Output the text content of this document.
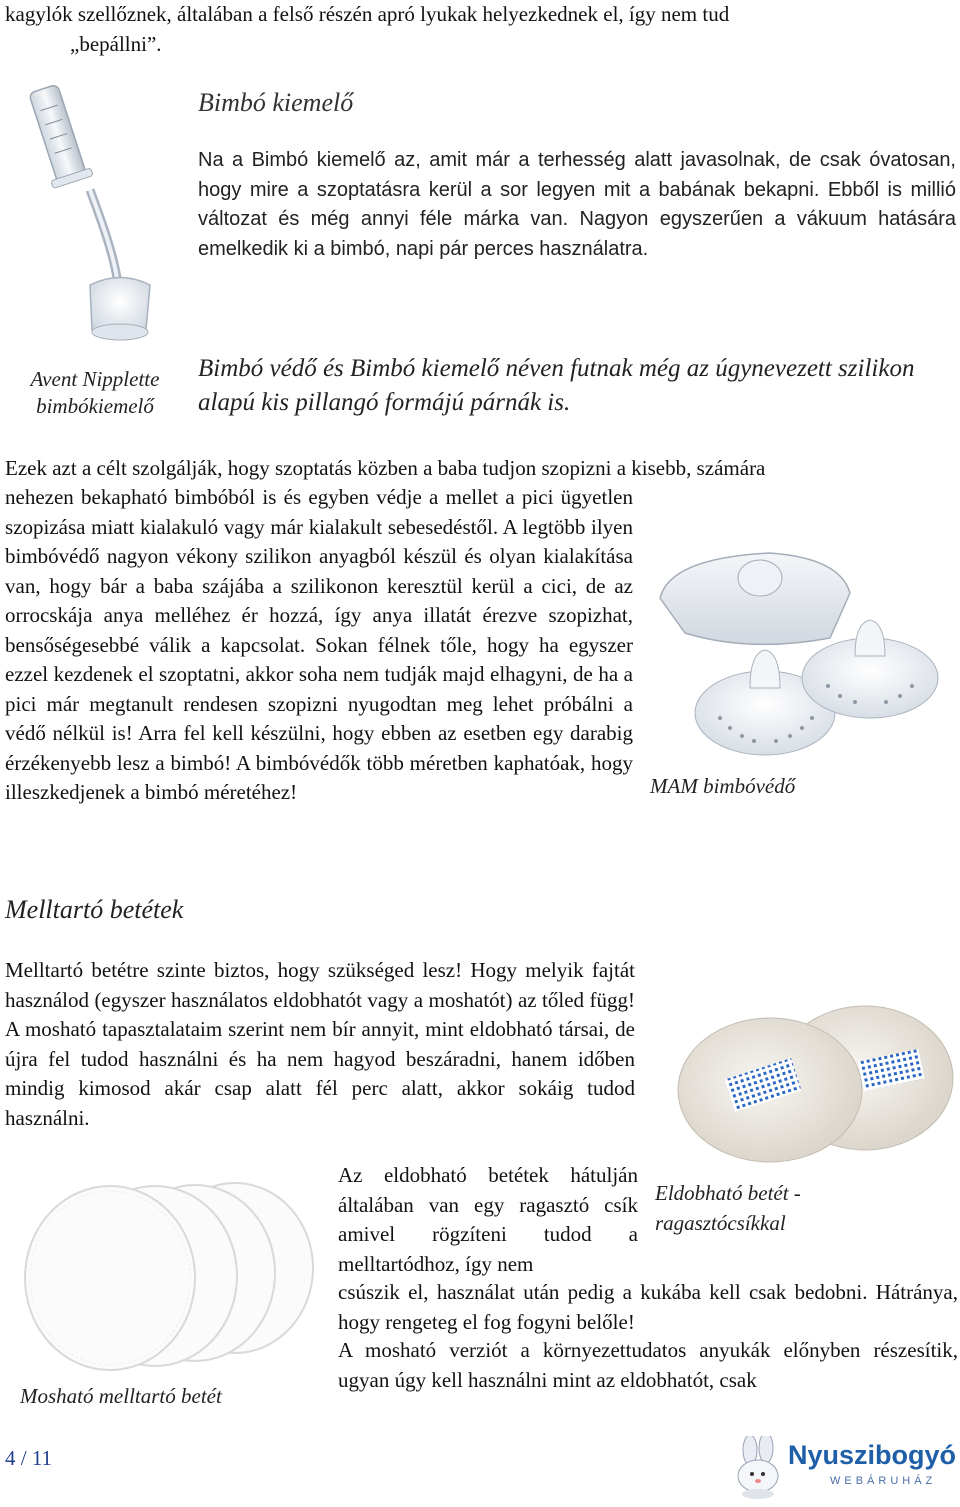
kagylók szellőznek, általában a felső részén apró lyukak helyezkednek el, így nem tud
„bepállni”.
Bimbó kiemelő
Na a Bimbó kiemelő az, amit már a terhesség alatt javasolnak, de csak óvatosan, hogy mire a szoptatásra kerül a sor legyen mit a babának bekapni. Ebből is millió változat és még annyi féle márka van. Nagyon egyszerűen a vákuum hatására emelkedik ki a bimbó, napi pár perces használatra.
Avent Nipplette
bimbókiemelő
Bimbó védő és Bimbó kiemelő néven futnak még az úgynevezett szilikon alapú kis pillangó formájú párnák is.
Ezek azt a célt szolgálják, hogy szoptatás közben a baba tudjon szopizni a kisebb, számára
nehezen bekapható bimbóból is és egyben védje a mellet a pici ügyetlen szopizása miatt kialakuló vagy már kialakult sebesedéstől. A legtöbb ilyen bimbóvédő nagyon vékony szilikon anyagból készül és olyan kialakítása van, hogy bár a baba szájába a szilikonon keresztül kerül a cici, de az orrocskája anya melléhez ér hozzá, így anya illatát érezve szopizhat, bensőségesebbé válik a kapcsolat. Sokan félnek tőle, hogy ha egyszer ezzel kezdenek el szoptatni, akkor soha nem tudják majd elhagyni, de ha a pici már megtanult rendesen szopizni nyugodtan meg lehet próbálni a védő nélkül is! Arra fel kell készülni, hogy ebben az esetben egy darabig érzékenyebb lesz a bimbó! A bimbóvédők több méretben kaphatóak, hogy illeszkedjenek a bimbó méretéhez!	MAM bimbóvédő
Melltartó betétek
Melltartó betétre szinte biztos, hogy szükséged lesz! Hogy melyik fajtát használod (egyszer használatos eldobhatót vagy a moshatót) az tőled függ! A mosható tapasztalataim szerint nem bír annyit, mint eldobható társai, de újra fel tudod használni és ha nem hagyod beszáradni, hanem időben mindig kimosod akár csap alatt fél perc alatt, akkor sokáig tudod használni.
Eldobható betét -
ragasztócsíkkal
Az eldobható betétek hátulján általában van egy ragasztó csík amivel rögzíteni tudod a melltartódhoz, így nem
csúszik el, használat után pedig a kukába kell csak bedobni. Hátránya, hogy rengeteg el fog fogyni belőle!
A mosható verziót a környezettudatos anyukák előnyben részesítik, ugyan úgy kell használni mint az eldobhatót, csak
Mosható melltartó betét
4 / 11	Nyuszibogyó
WEBÁRUHÁZ
